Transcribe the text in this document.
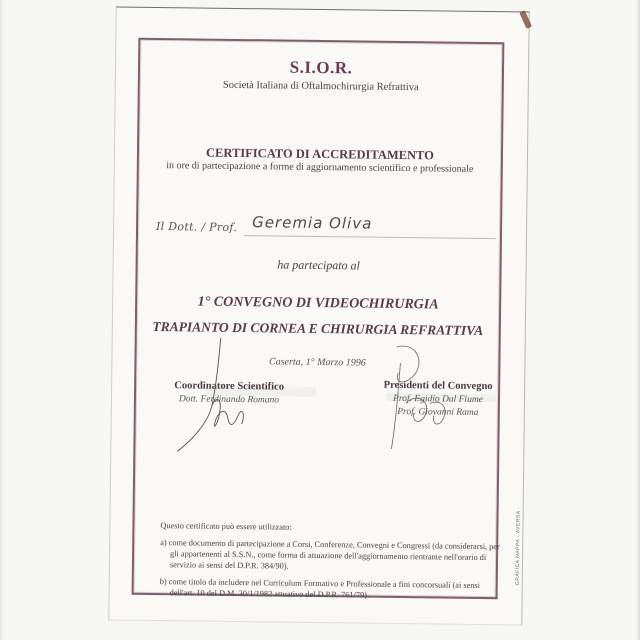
S.I.O.R.
Società Italiana di Oftalmochirurgia Refrattiva
CERTIFICATO DI ACCREDITAMENTO
in ore di partecipazione a forme di aggiornamento scientifico e professionale
Il Dott. / Prof. Geremia Oliva
ha partecipato al
1° CONVEGNO DI VIDEOCHIRURGIA
TRAPIANTO DI CORNEA E CHIRURGIA REFRATTIVA
Caserta, 1° Marzo 1996
Coordinatore Scientifico
Dott. Ferdinando Romano
Presidenti del Convegno
Prof. Egidio Dal Fiume
Prof. Giovanni Rama

Questo certificato può essere utilizzato:

a) come documento di partecipazione a Corsi, Conferenze, Convegni e Congressi (da considerarsi, per gli appartenenti al S.S.N., come forma di attuazione dell'aggiornamento rientrante nell'orario di servizio ai sensi del D.P.R. 384/90).

b) come titolo da includere nel Curriculum Formativo e Professionale a fini concorsuali (ai sensi dell'art. 10 del D.M. 30/1/1982 attuativo del D.P.R. 761/79).

GRAFICA NAPPA - AVERSA
